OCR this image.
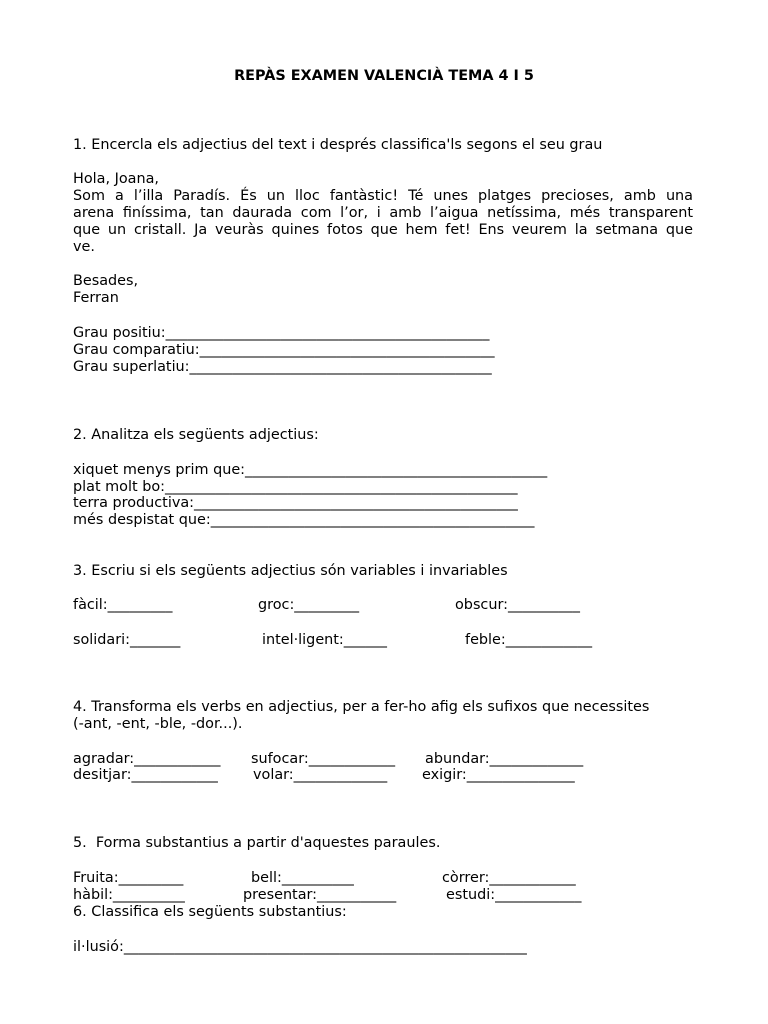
REPÀS EXAMEN VALENCIÀ TEMA 4 I 5
1. Encercla els adjectius del text i després classifica'ls segons el seu grau
Hola, Joana,
Som a l’illa Paradís. És un lloc fantàstic! Té unes platges precioses, amb una
arena finíssima, tan daurada com l’or, i amb l’aigua netíssima, més transparent
que un cristall. Ja veuràs quines fotos que hem fet! Ens veurem la setmana que
ve.
Besades,
Ferran
Grau positiu:_____________________________________________
Grau comparatiu:_________________________________________
Grau superlatiu:__________________________________________
2. Analitza els següents adjectius:
xiquet menys prim que:__________________________________________
plat molt bo:_________________________________________________
terra productiva:_____________________________________________
més despistat que:_____________________________________________
3. Escriu si els següents adjectius són variables i invariables
fàcil:_________	groc:_________	obscur:__________
solidari:_______	intel·ligent:______	feble:____________
4. Transforma els verbs en adjectius, per a fer-ho afig els sufixos que necessites
(-ant, -ent, -ble, -dor...).
agradar:____________ sufocar:____________ abundar:_____________
desitjar:____________ volar:_____________ exigir:_______________
5.  Forma substantius a partir d'aquestes paraules.
Fruita:_________	bell:__________	còrrer:____________
hàbil:__________	presentar:___________	estudi:____________
6. Classifica els següents substantius:
il·lusió:________________________________________________________
